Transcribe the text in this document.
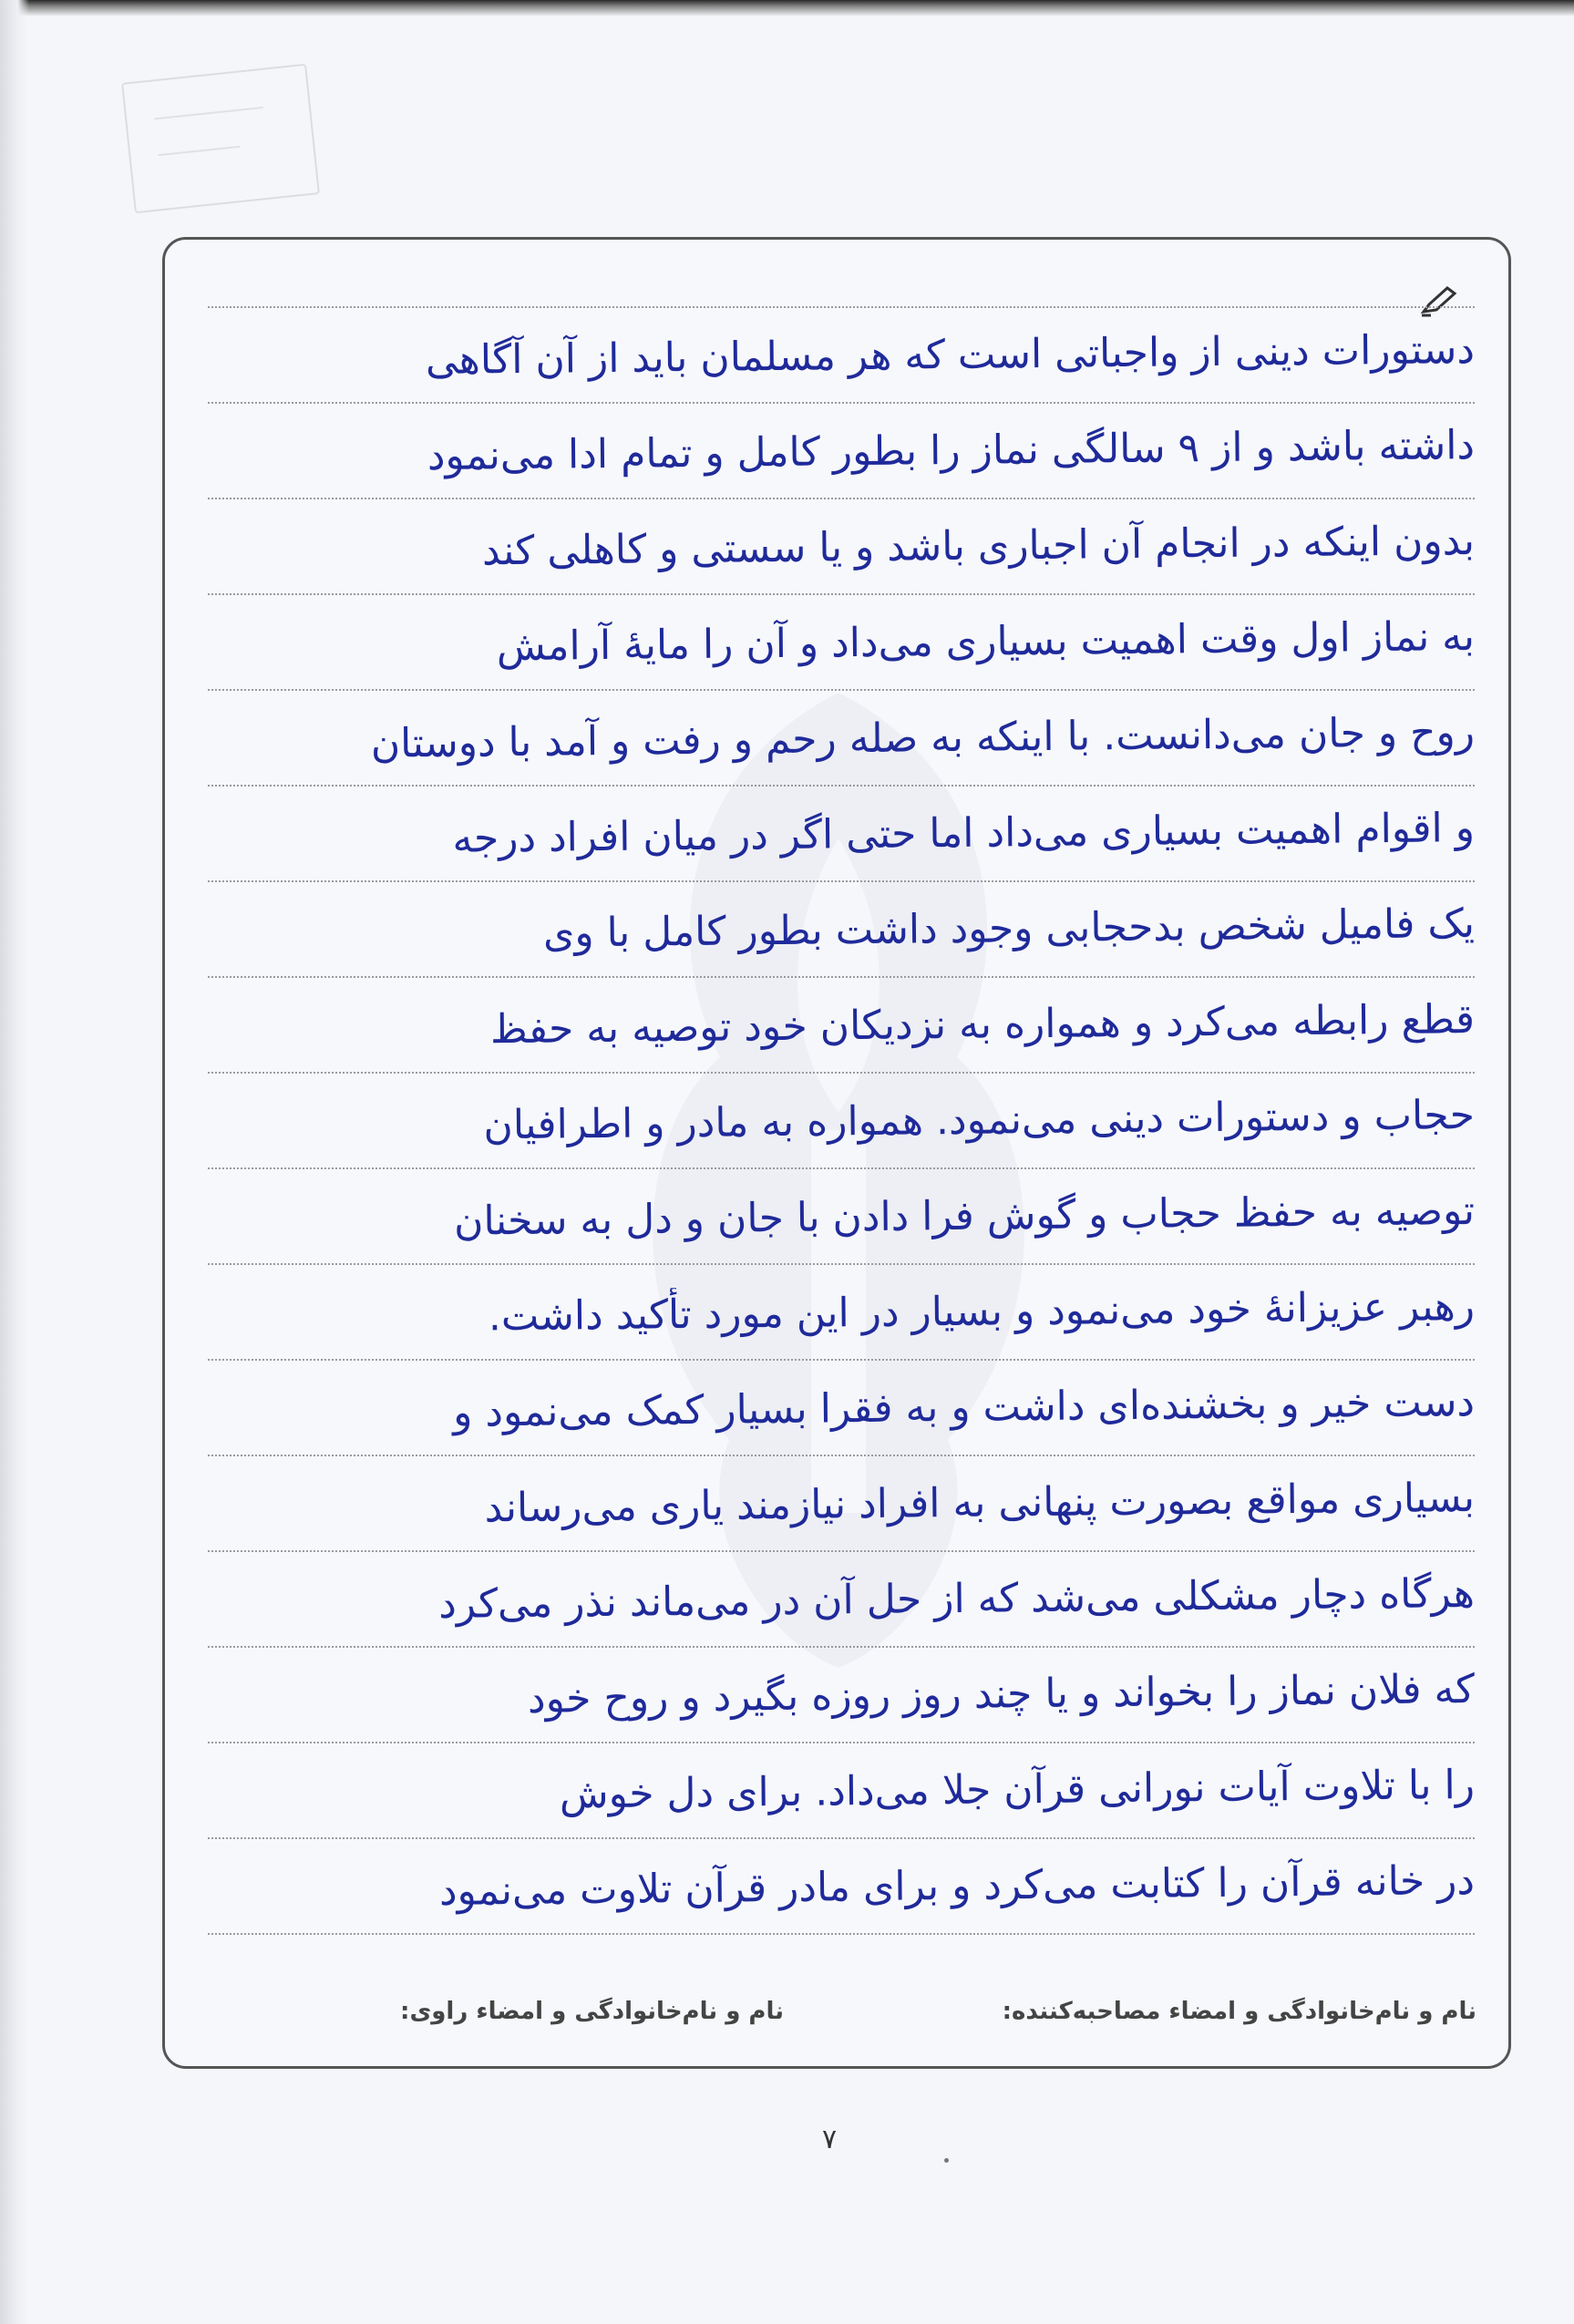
دستورات دینی از واجباتی است که هر مسلمان باید از آن آگاهی
داشته باشد و از ۹ سالگی نماز را بطور کامل و تمام ادا می‌نمود
بدون اینکه در انجام آن اجباری باشد و یا سستی و کاهلی کند
به نماز اول وقت اهمیت بسیاری می‌داد و آن را مایهٔ آرامش
روح و جان می‌دانست. با اینکه به صله رحم و رفت و آمد با دوستان
و اقوام اهمیت بسیاری می‌داد اما حتی اگر در میان افراد درجه
یک فامیل شخص بدحجابی وجود داشت بطور کامل با وی
قطع رابطه می‌کرد و همواره به نزدیکان خود توصیه به حفظ
حجاب و دستورات دینی می‌نمود. همواره به مادر و اطرافیان
توصیه به حفظ حجاب و گوش فرا دادن با جان و دل به سخنان
رهبر عزیزانهٔ خود می‌نمود و بسیار در این مورد تأکید داشت.
دست خیر و بخشنده‌ای داشت و به فقرا بسیار کمک می‌نمود و
بسیاری مواقع بصورت پنهانی به افراد نیازمند یاری می‌رساند
هرگاه دچار مشکلی می‌شد که از حل آن در می‌ماند نذر می‌کرد
که فلان نماز را بخواند و یا چند روز روزه بگیرد و روح خود
را با تلاوت آیات نورانی قرآن جلا می‌داد. برای دل خوش
در خانه قرآن را کتابت می‌کرد و برای مادر قرآن تلاوت می‌نمود
نام و نام‌خانوادگی و امضاء مصاحبه‌کننده:
نام و نام‌خانوادگی و امضاء راوی:
۷
